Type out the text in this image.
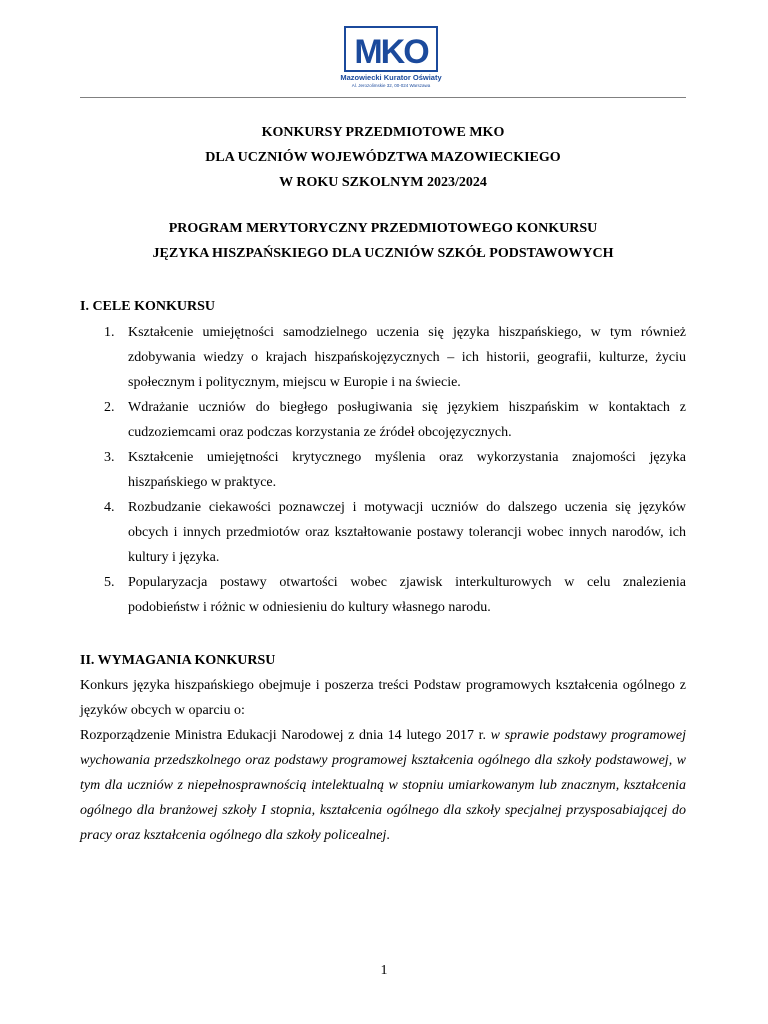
MKO
Mazowiecki Kurator Oświaty
Al. Jerozolimskie 32, 00-024 Warszawa
KONKURSY PRZEDMIOTOWE MKO
DLA UCZNIÓW WOJEWÓDZTWA MAZOWIECKIEGO
W ROKU SZKOLNYM 2023/2024
PROGRAM MERYTORYCZNY PRZEDMIOTOWEGO KONKURSU
JĘZYKA HISZPAŃSKIEGO DLA UCZNIÓW SZKÓŁ PODSTAWOWYCH
I. CELE KONKURSU
1. Kształcenie umiejętności samodzielnego uczenia się języka hiszpańskiego, w tym również zdobywania wiedzy o krajach hiszpańskojęzycznych – ich historii, geografii, kulturze, życiu społecznym i politycznym, miejscu w Europie i na świecie.
2. Wdrażanie uczniów do biegłego posługiwania się językiem hiszpańskim w kontaktach z cudzoziemcami oraz podczas korzystania ze źródeł obcojęzycznych.
3. Kształcenie umiejętności krytycznego myślenia oraz wykorzystania znajomości języka hiszpańskiego w praktyce.
4. Rozbudzanie ciekawości poznawczej i motywacji uczniów do dalszego uczenia się języków obcych i innych przedmiotów oraz kształtowanie postawy tolerancji wobec innych narodów, ich kultury i języka.
5. Popularyzacja postawy otwartości wobec zjawisk interkulturowych w celu znalezienia podobieństw i różnic w odniesieniu do kultury własnego narodu.
II. WYMAGANIA KONKURSU

Konkurs języka hiszpańskiego obejmuje i poszerza treści Podstaw programowych kształcenia ogólnego z języków obcych w oparciu o:

Rozporządzenie Ministra Edukacji Narodowej z dnia 14 lutego 2017 r. w sprawie podstawy programowej wychowania przedszkolnego oraz podstawy programowej kształcenia ogólnego dla szkoły podstawowej, w tym dla uczniów z niepełnosprawnością intelektualną w stopniu umiarkowanym lub znacznym, kształcenia ogólnego dla branżowej szkoły I stopnia, kształcenia ogólnego dla szkoły specjalnej przysposabiającej do pracy oraz kształcenia ogólnego dla szkoły policealnej.

1
